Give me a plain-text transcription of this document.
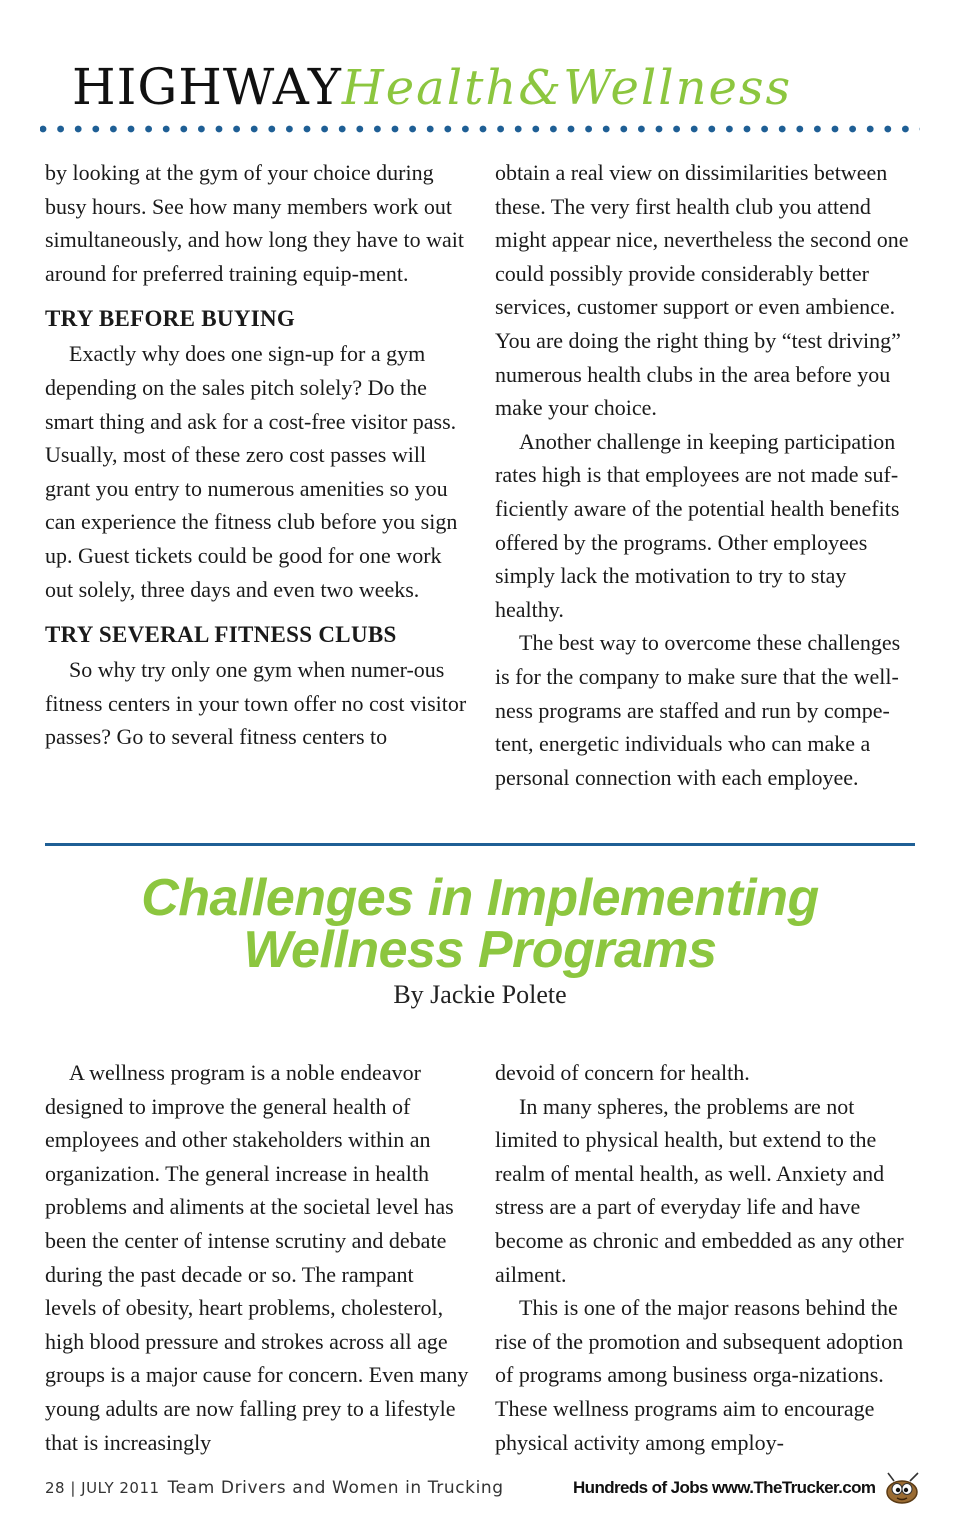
HIGHWAYHealth&Wellness

by looking at the gym of your choice during busy hours. See how many members work out simultaneously, and how long they have to wait around for preferred training equip-ment.

TRY BEFORE BUYING

Exactly why does one sign-up for a gym depending on the sales pitch solely? Do the smart thing and ask for a cost-free visitor pass. Usually, most of these zero cost passes will grant you entry to numerous amenities so you can experience the fitness club before you sign up. Guest tickets could be good for one work out solely, three days and even two weeks.

TRY SEVERAL FITNESS CLUBS

So why try only one gym when numer-ous fitness centers in your town offer no cost visitor passes? Go to several fitness centers to

obtain a real view on dissimilarities between these. The very first health club you attend might appear nice, nevertheless the second one could possibly provide considerably better services, customer support or even ambience. You are doing the right thing by “test driving” numerous health clubs in the area before you make your choice.

Another challenge in keeping participation rates high is that employees are not made suf-ficiently aware of the potential health benefits offered by the programs. Other employees simply lack the motivation to try to stay healthy.

The best way to overcome these challenges is for the company to make sure that the well-ness programs are staffed and run by compe-tent, energetic individuals who can make a personal connection with each employee.

Challenges in Implementing
Wellness Programs
By Jackie Polete

A wellness program is a noble endeavor designed to improve the general health of employees and other stakeholders within an organization. The general increase in health problems and aliments at the societal level has been the center of intense scrutiny and debate during the past decade or so. The rampant levels of obesity, heart problems, cholesterol, high blood pressure and strokes across all age groups is a major cause for concern. Even many young adults are now falling prey to a lifestyle that is increasingly

devoid of concern for health.

In many spheres, the problems are not limited to physical health, but extend to the realm of mental health, as well. Anxiety and stress are a part of everyday life and have become as chronic and embedded as any other ailment.

This is one of the major reasons behind the rise of the promotion and subsequent adoption of programs among business orga-nizations. These wellness programs aim to encourage physical activity among employ-

28 | JULY 2011 Team Drivers and Women in Trucking	Hundreds of Jobs www.TheTrucker.com
